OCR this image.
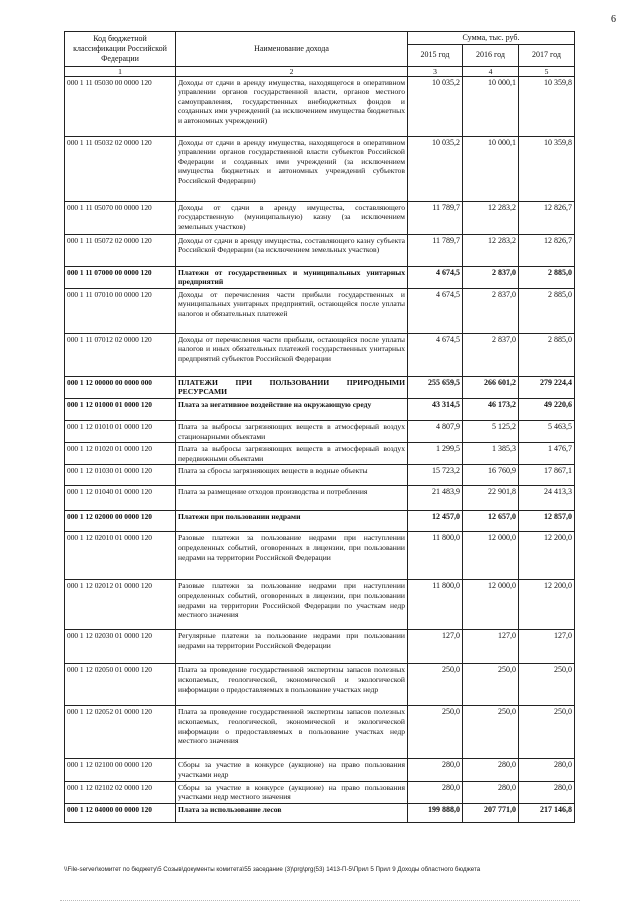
6
Код бюджетной классификации Российской Федерации	Наименование дохода	Сумма, тыс. руб.		
		2015 год	2016 год	2017 год
1	2	3	4	5
000 1 11 05030 00 0000 120	Доходы от сдачи в аренду имущества, находящегося в оперативном управлении органов государственной власти, органов местного самоуправления, государственных внебюджетных фондов и созданных ими учреждений (за исключением имущества бюджетных и автономных учреждений)	10 035,2	10 000,1	10 359,8
000 1 11 05032 02 0000 120	Доходы от сдачи в аренду имущества, находящегося в оперативном управлении органов государственной власти субъектов Российской Федерации и созданных ими учреждений (за исключением имущества бюджетных и автономных учреждений субъектов Российской Федерации)	10 035,2	10 000,1	10 359,8
000 1 11 05070 00 0000 120	Доходы от сдачи в аренду имущества, составляющего государственную (муниципальную) казну (за исключением земельных участков)	11 789,7	12 283,2	12 826,7
000 1 11 05072 02 0000 120	Доходы от сдачи в аренду имущества, составляющего казну субъекта Российской Федерации (за исключением земельных участков)	11 789,7	12 283,2	12 826,7
000 1 11 07000 00 0000 120	Платежи от государственных и муниципальных унитарных предприятий	4 674,5	2 837,0	2 885,0
000 1 11 07010 00 0000 120	Доходы от перечисления части прибыли государственных и муниципальных унитарных предприятий, остающейся после уплаты налогов и обязательных платежей	4 674,5	2 837,0	2 885,0
000 1 11 07012 02 0000 120	Доходы от перечисления части прибыли, остающейся после уплаты налогов и иных обязательных платежей государственных унитарных предприятий субъектов Российской Федерации	4 674,5	2 837,0	2 885,0
000 1 12 00000 00 0000 000	ПЛАТЕЖИ ПРИ ПОЛЬЗОВАНИИ ПРИРОДНЫМИ РЕСУРСАМИ	255 659,5	266 601,2	279 224,4
000 1 12 01000 01 0000 120	Плата за негативное воздействие на окружающую среду	43 314,5	46 173,2	49 220,6
000 1 12 01010 01 0000 120	Плата за выбросы загрязняющих веществ в атмосферный воздух стационарными объектами	4 807,9	5 125,2	5 463,5
000 1 12 01020 01 0000 120	Плата за выбросы загрязняющих веществ в атмосферный воздух передвижными объектами	1 299,5	1 385,3	1 476,7
000 1 12 01030 01 0000 120	Плата за сбросы загрязняющих веществ в водные объекты	15 723,2	16 760,9	17 867,1
000 1 12 01040 01 0000 120	Плата за размещение отходов производства и потребления	21 483,9	22 901,8	24 413,3
000 1 12 02000 00 0000 120	Платежи при пользовании недрами	12 457,0	12 657,0	12 857,0
000 1 12 02010 01 0000 120	Разовые платежи за пользование недрами при наступлении определенных событий, оговоренных в лицензии, при пользовании недрами на территории Российской Федерации	11 800,0	12 000,0	12 200,0
000 1 12 02012 01 0000 120	Разовые платежи за пользование недрами при наступлении определенных событий, оговоренных в лицензии, при пользовании недрами на территории Российской Федерации по участкам недр местного значения	11 800,0	12 000,0	12 200,0
000 1 12 02030 01 0000 120	Регулярные платежи за пользование недрами при пользовании недрами на территории Российской Федерации	127,0	127,0	127,0
000 1 12 02050 01 0000 120	Плата за проведение государственной экспертизы запасов полезных ископаемых, геологической, экономической и экологической информации о предоставляемых в пользование участках недр	250,0	250,0	250,0
000 1 12 02052 01 0000 120	Плата за проведение государственной экспертизы запасов полезных ископаемых, геологической, экономической и экологической информации о предоставляемых в пользование участках недр местного значения	250,0	250,0	250,0
000 1 12 02100 00 0000 120	Сборы за участие в конкурсе (аукционе) на право пользования участками недр	280,0	280,0	280,0
000 1 12 02102 02 0000 120	Сборы за участие в конкурсе (аукционе) на право пользования участками недр местного значения	280,0	280,0	280,0
000 1 12 04000 00 0000 120	Плата за использование лесов	199 888,0	207 771,0	217 146,8
\\File-server\комитет по бюджету\5 Созыв\документы комитета\55 заседание (3)\prg\prg(53) 1413-П-5\Прил 5 Прил 9 Доходы областного бюджета
